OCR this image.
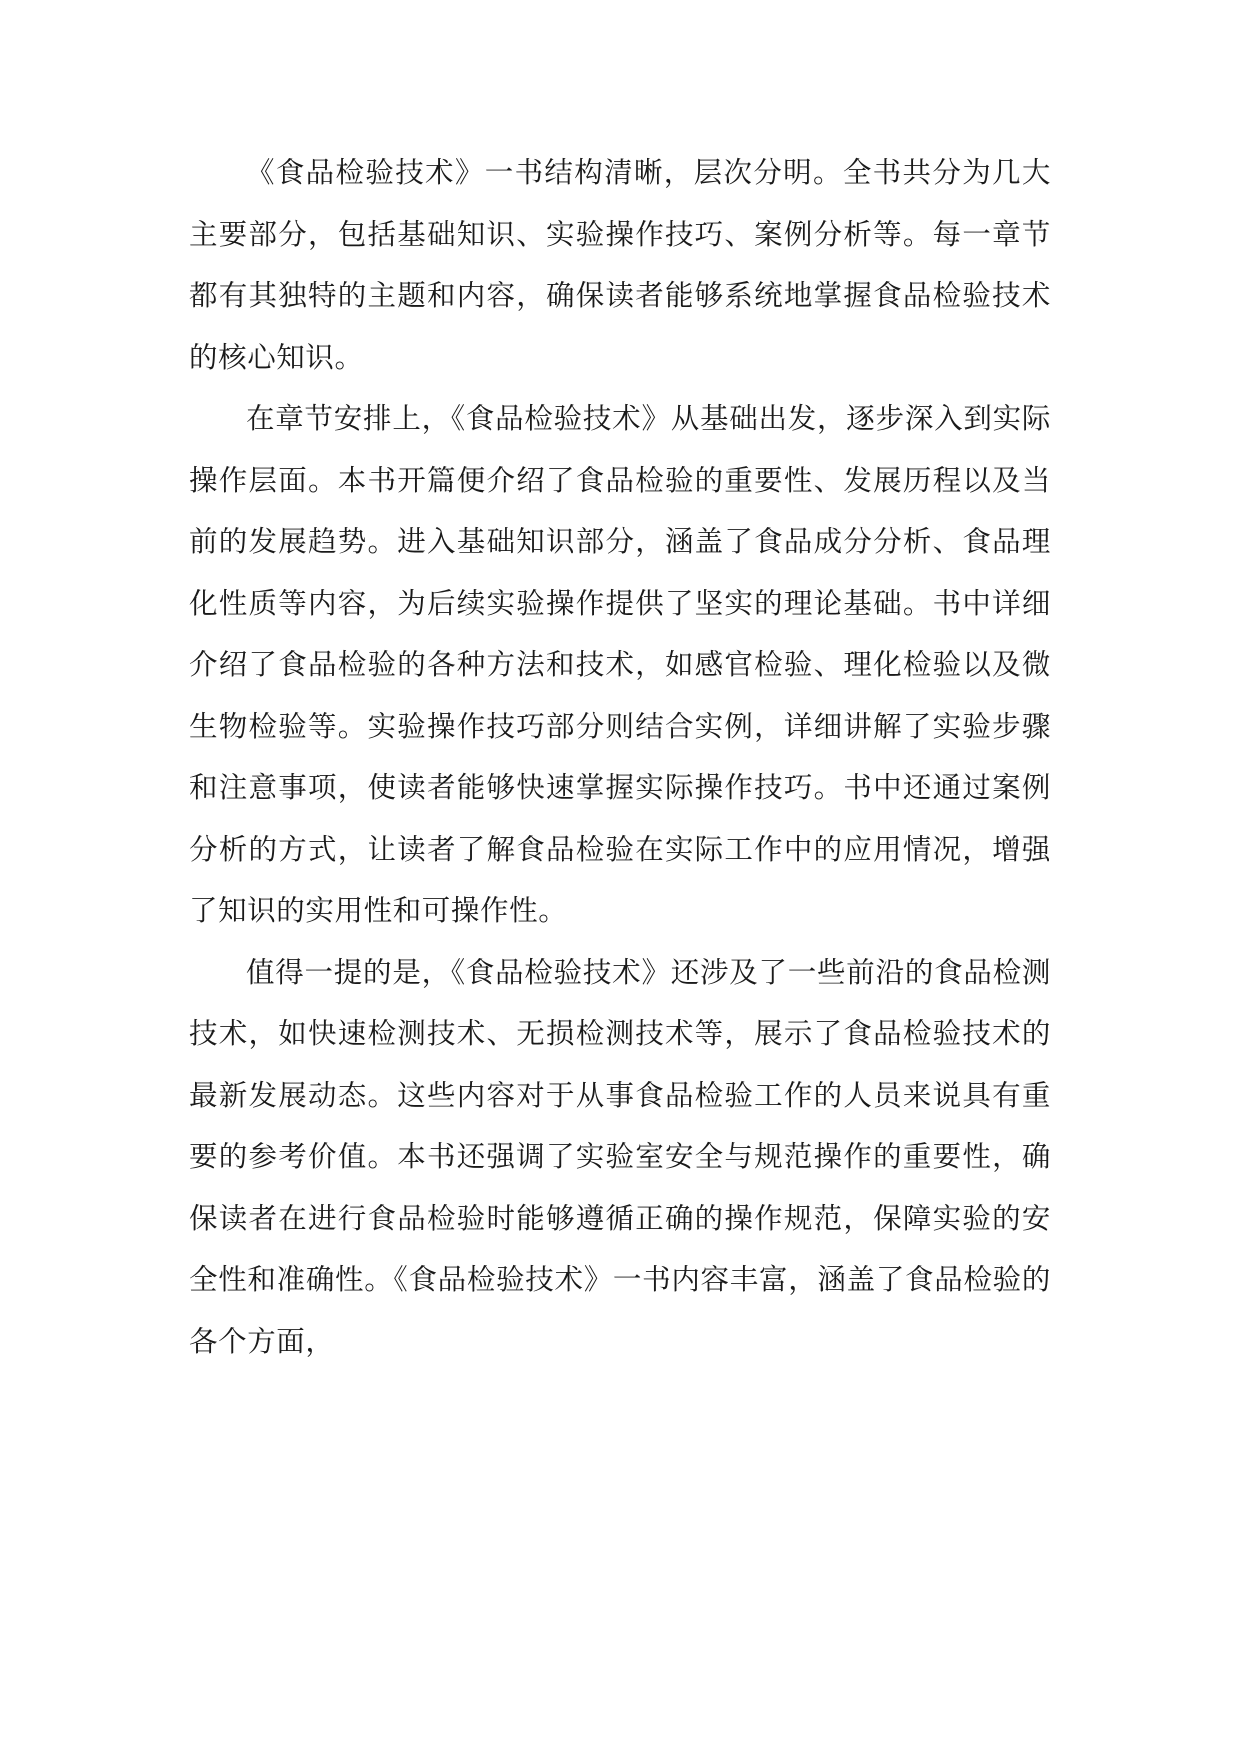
《食品检验技术》一书结构清晰，层次分明。全书共分为几大主要部分，包括基础知识、实验操作技巧、案例分析等。每一章节都有其独特的主题和内容，确保读者能够系统地掌握食品检验技术的核心知识。

在章节安排上，《食品检验技术》从基础出发，逐步深入到实际操作层面。本书开篇便介绍了食品检验的重要性、发展历程以及当前的发展趋势。进入基础知识部分，涵盖了食品成分分析、食品理化性质等内容，为后续实验操作提供了坚实的理论基础。书中详细介绍了食品检验的各种方法和技术，如感官检验、理化检验以及微生物检验等。实验操作技巧部分则结合实例，详细讲解了实验步骤和注意事项，使读者能够快速掌握实际操作技巧。书中还通过案例分析的方式，让读者了解食品检验在实际工作中的应用情况，增强了知识的实用性和可操作性。

值得一提的是，《食品检验技术》还涉及了一些前沿的食品检测技术，如快速检测技术、无损检测技术等，展示了食品检验技术的最新发展动态。这些内容对于从事食品检验工作的人员来说具有重要的参考价值。本书还强调了实验室安全与规范操作的重要性，确保读者在进行食品检验时能够遵循正确的操作规范，保障实验的安全性和准确性。《食品检验技术》一书内容丰富，涵盖了食品检验的各个方面，
